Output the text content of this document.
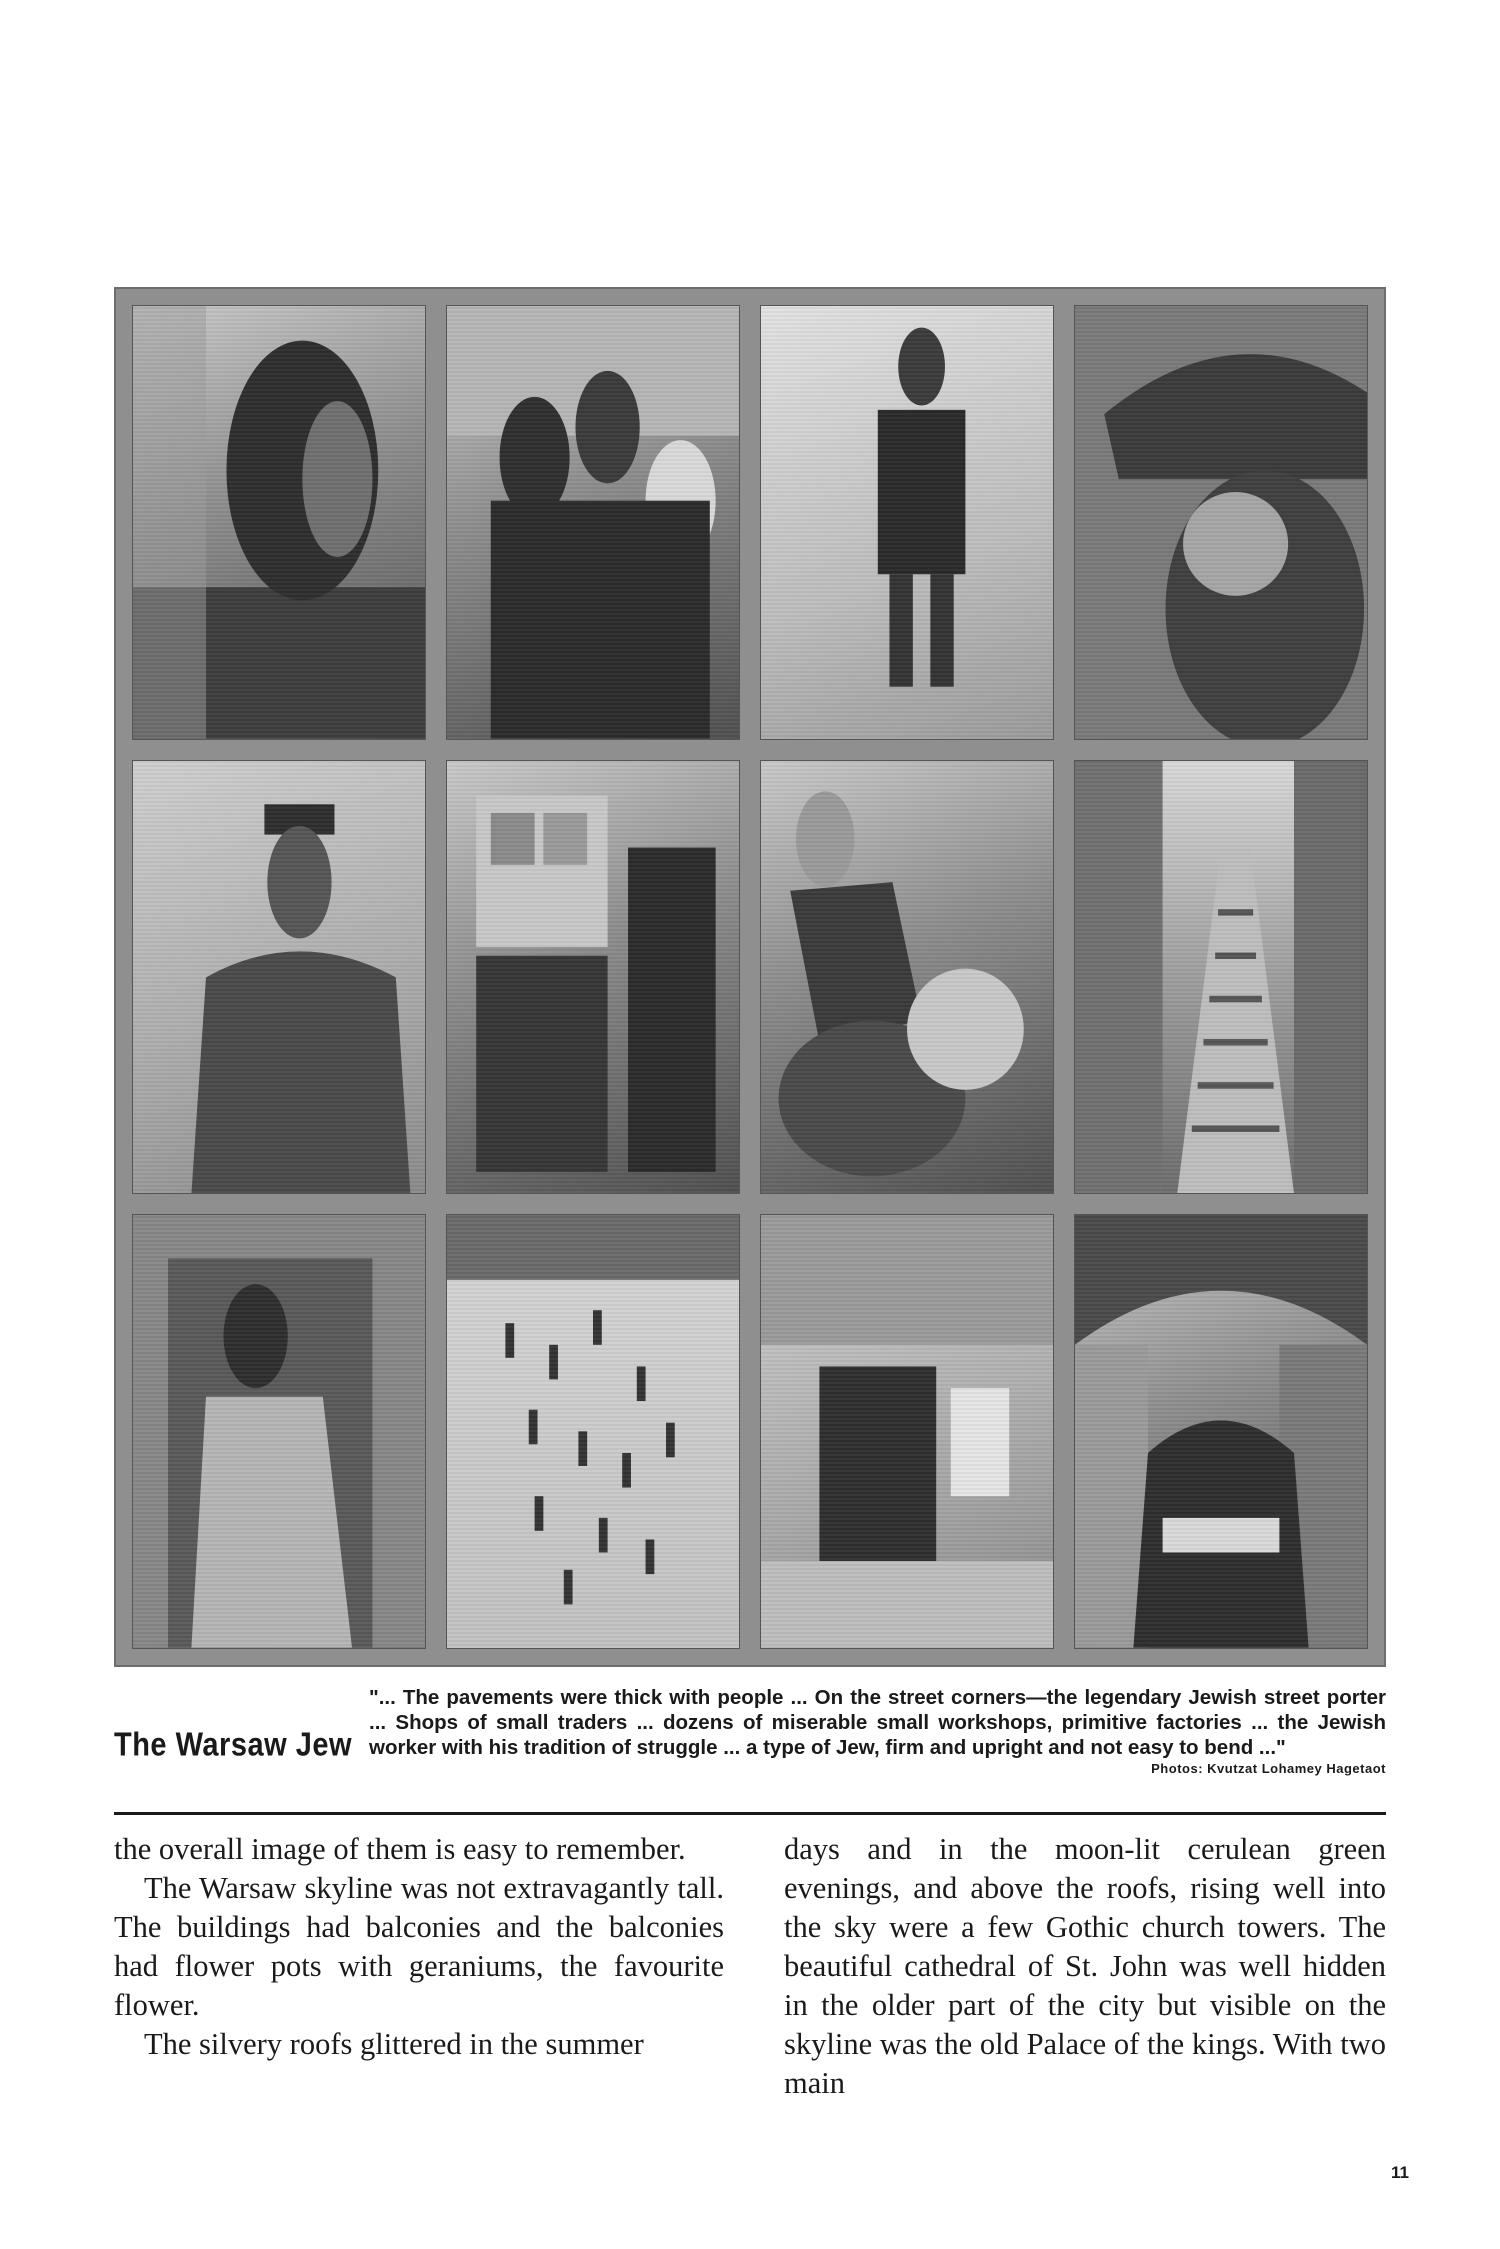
The Warsaw Jew
"... The pavements were thick with people ... On the street corners—the legendary Jewish street porter ... Shops of small traders ... dozens of miserable small workshops, primitive factories ... the Jewish worker with his tradition of struggle ... a type of Jew, firm and upright and not easy to bend ..."
Photos: Kvutzat Lohamey Hagetaot

the overall image of them is easy to remember.

The Warsaw skyline was not extravagantly tall. The buildings had balconies and the balconies had flower pots with geraniums, the favourite flower.

The silvery roofs glittered in the summer

days and in the moon-lit cerulean green evenings, and above the roofs, rising well into the sky were a few Gothic church towers. The beautiful cathedral of St. John was well hidden in the older part of the city but visible on the skyline was the old Palace of the kings. With two main

11
